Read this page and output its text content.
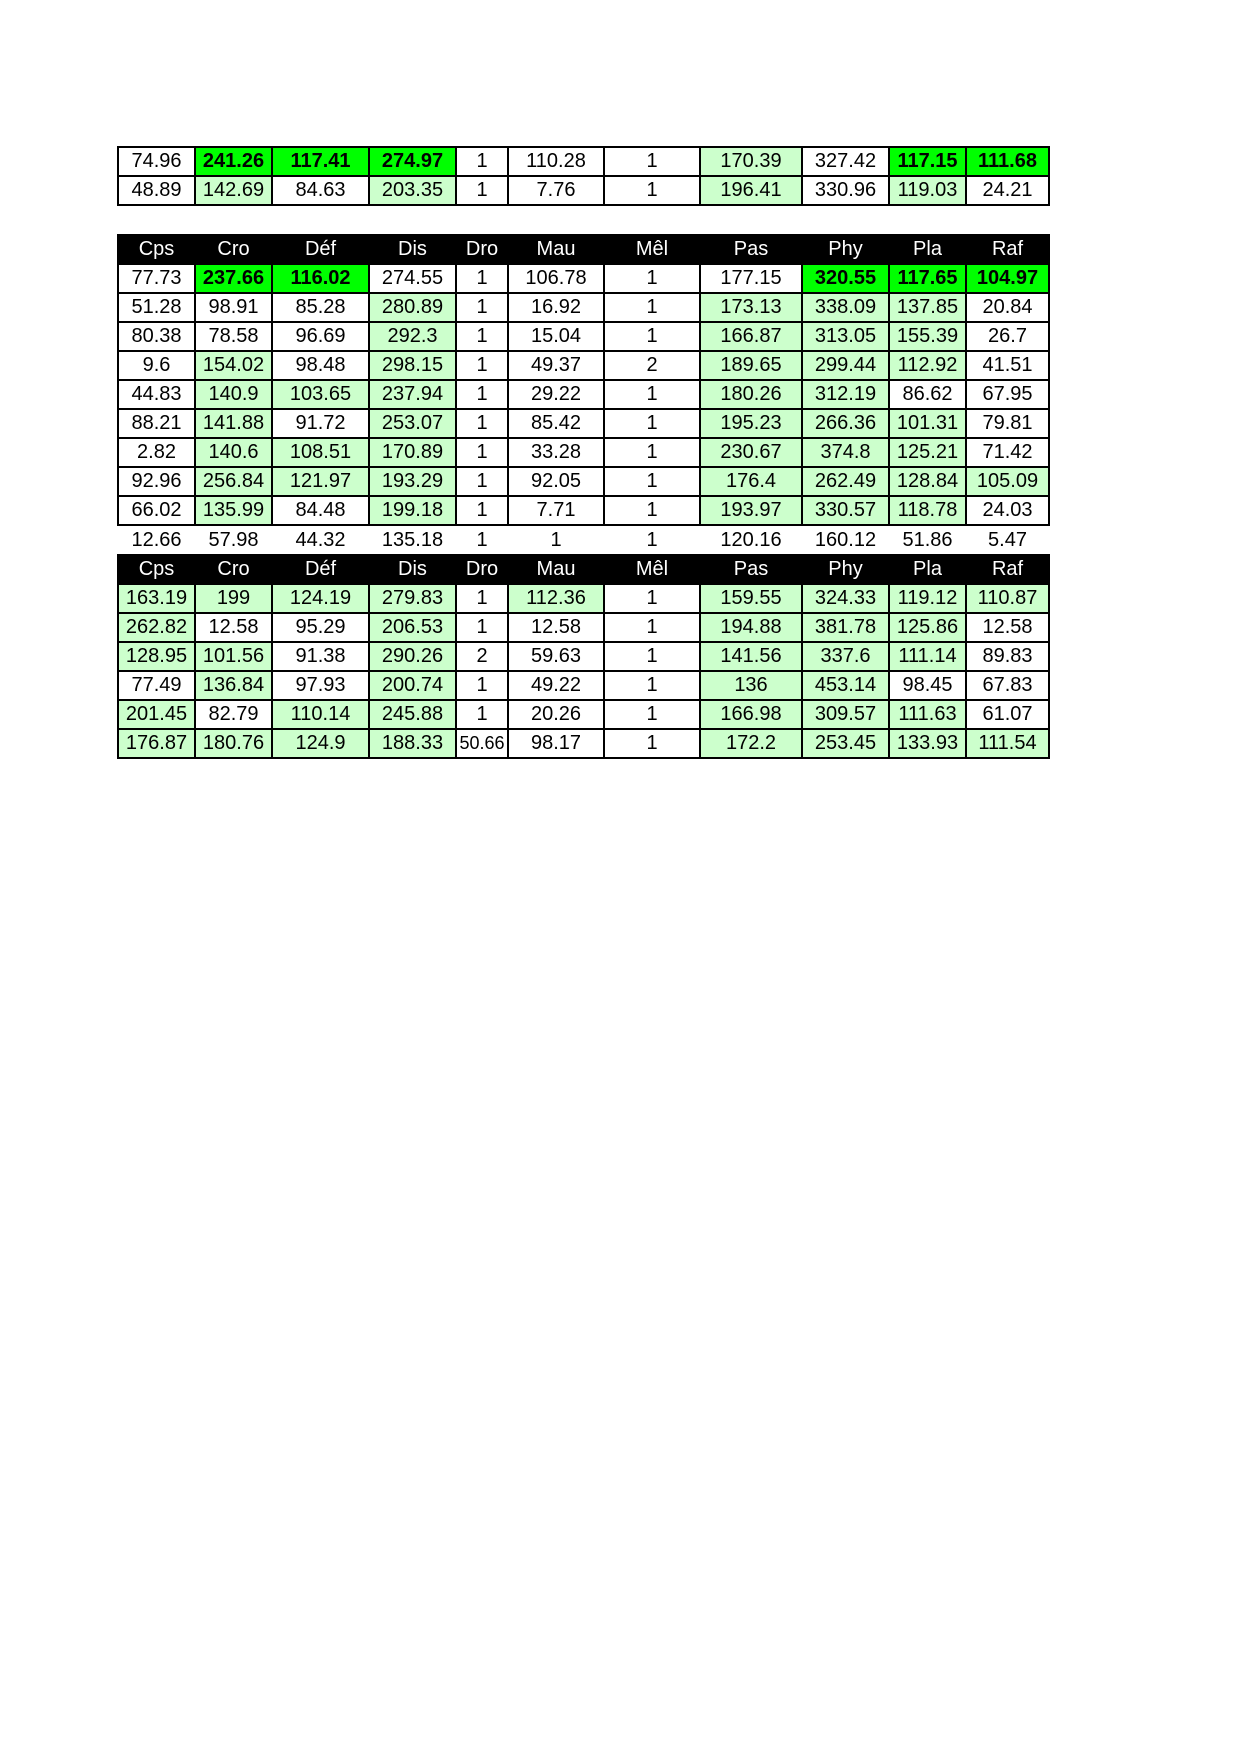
74.96	241.26	117.41	274.97	1	110.28	1	170.39	327.42	117.15	111.68
48.89	142.69	84.63	203.35	1	7.76	1	196.41	330.96	119.03	24.21
Cps	Cro	Déf	Dis	Dro	Mau	Mêl	Pas	Phy	Pla	Raf
77.73	237.66	116.02	274.55	1	106.78	1	177.15	320.55	117.65	104.97
51.28	98.91	85.28	280.89	1	16.92	1	173.13	338.09	137.85	20.84
80.38	78.58	96.69	292.3	1	15.04	1	166.87	313.05	155.39	26.7
9.6	154.02	98.48	298.15	1	49.37	2	189.65	299.44	112.92	41.51
44.83	140.9	103.65	237.94	1	29.22	1	180.26	312.19	86.62	67.95
88.21	141.88	91.72	253.07	1	85.42	1	195.23	266.36	101.31	79.81
2.82	140.6	108.51	170.89	1	33.28	1	230.67	374.8	125.21	71.42
92.96	256.84	121.97	193.29	1	92.05	1	176.4	262.49	128.84	105.09
66.02	135.99	84.48	199.18	1	7.71	1	193.97	330.57	118.78	24.03
12.66	57.98	44.32	135.18	1	1	1	120.16	160.12	51.86	5.47
Cps	Cro	Déf	Dis	Dro	Mau	Mêl	Pas	Phy	Pla	Raf
163.19	199	124.19	279.83	1	112.36	1	159.55	324.33	119.12	110.87
262.82	12.58	95.29	206.53	1	12.58	1	194.88	381.78	125.86	12.58
128.95	101.56	91.38	290.26	2	59.63	1	141.56	337.6	111.14	89.83
77.49	136.84	97.93	200.74	1	49.22	1	136	453.14	98.45	67.83
201.45	82.79	110.14	245.88	1	20.26	1	166.98	309.57	111.63	61.07
176.87	180.76	124.9	188.33	50.66	98.17	1	172.2	253.45	133.93	111.54
